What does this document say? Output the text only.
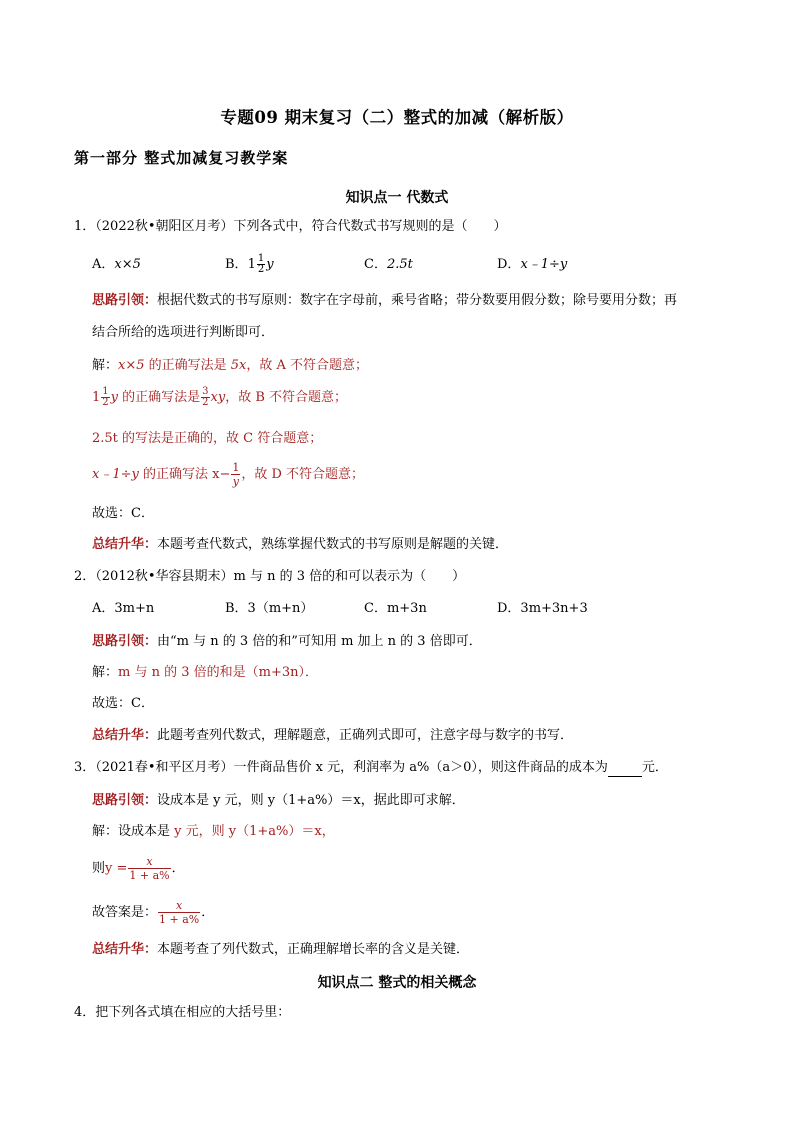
专题09 期末复习（二）整式的加减（解析版）
第一部分 整式加减复习教学案
知识点一 代数式
1．（2022秋•朝阳区月考）下列各式中，符合代数式书写规则的是（　　）
A．x×5	B．$1 \frac{1}{2}$ y	C．2.5t	D．x﹣1÷y
思路引领：根据代数式的书写原则：数字在字母前，乘号省略；带分数要用假分数；除号要用分数；再
结合所给的选项进行判断即可．
解：x×5 的正确写法是 5x，故 A 不符合题意；
$1 \frac{1}{2}$ y 的正确写法是 $\frac{3}{2}$ xy，故 B 不符合题意；
2.5t 的写法是正确的，故 C 符合题意；
x﹣1÷y 的正确写法 $x- \frac{1}{y}$ ，故 D 不符合题意；
故选：C．
总结升华：本题考查代数式，熟练掌握代数式的书写原则是解题的关键．
2．（2012秋•华容县期末）m 与 n 的 3 倍的和可以表示为（　　）
A．3m+n	B．3（m+n）	C．m+3n	D．3m+3n+3
思路引领：由“m 与 n 的 3 倍的和”可知用 m 加上 n 的 3 倍即可．
解：m 与 n 的 3 倍的和是（m+3n）．
故选：C．
总结升华：此题考查列代数式，理解题意，正确列式即可，注意字母与数字的书写．
3．（2021春•和平区月考）一件商品售价 x 元，利润率为 a%（a＞0），则这件商品的成本为	元．
思路引领：设成本是 y 元，则 y（1+a%）＝x，据此即可求解．
解：设成本是 y 元，则 y（1+a%）＝x，
则$y = \frac{x}{1 + a\%}$ ．
故答案是： $\frac{x}{1 + a\%}$ ．
总结升华：本题考查了列代数式，正确理解增长率的含义是关键．
知识点二 整式的相关概念
4．把下列各式填在相应的大括号里：
